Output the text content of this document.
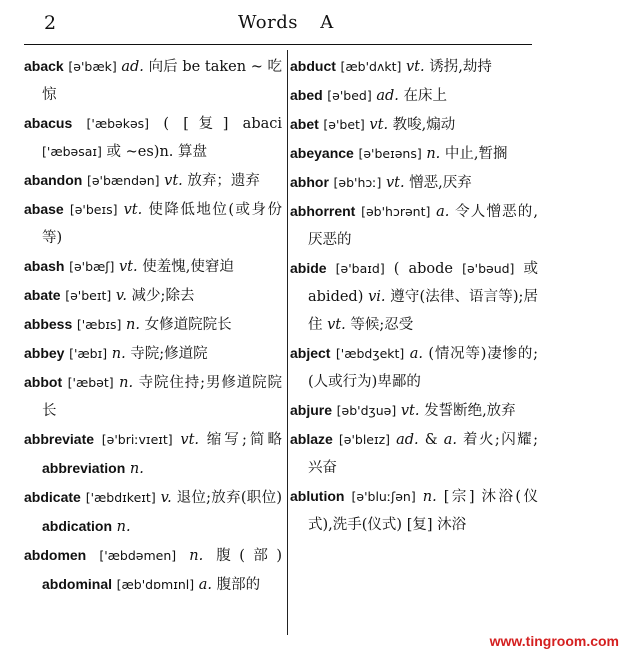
2	Words A

aback [ə'bæk] ad. 向后 be taken ~ 吃惊

abacus ['æbəkəs] ( [复] abaci ['æbəsaɪ] 或 ~es)n. 算盘

abandon [ə'bændən] vt. 放弃；遗弃

abase [ə'beɪs] vt. 使降低地位(或身份等)

abash [ə'bæʃ] vt. 使羞愧,使窘迫

abate [ə'beɪt] v. 减少;除去

abbess ['æbɪs] n. 女修道院院长

abbey ['æbɪ] n. 寺院;修道院

abbot ['æbət] n. 寺院住持;男修道院院长

abbreviate [ə'briːvɪeɪt] vt. 缩写;简略 abbreviation n.

abdicate ['æbdɪkeɪt] v. 退位;放弃(职位) abdication n.

abdomen ['æbdəmen] n. 腹(部) abdominal [æb'dɒmɪnl] a. 腹部的

abduct [æb'dʌkt] vt. 诱拐,劫持

abed [ə'bed] ad. 在床上

abet [ə'bet] vt. 教唆,煽动

abeyance [ə'beɪəns] n. 中止,暂搁

abhor [əb'hɔː] vt. 憎恶,厌弃

abhorrent [əb'hɔrənt] a. 令人憎恶的,厌恶的

abide [ə'baɪd] ( abode [ə'bəud] 或 abided) vi. 遵守(法律、语言等);居住 vt. 等候;忍受

abject ['æbdʒekt] a. (情况等)凄惨的;(人或行为)卑鄙的

abjure [əb'dʒuə] vt. 发誓断绝,放弃

ablaze [ə'bleɪz] ad. & a. 着火;闪耀;兴奋

ablution [ə'bluːʃən] n. [宗] 沐浴(仪式),洗手(仪式) [复] 沐浴

www.tingroom.com
